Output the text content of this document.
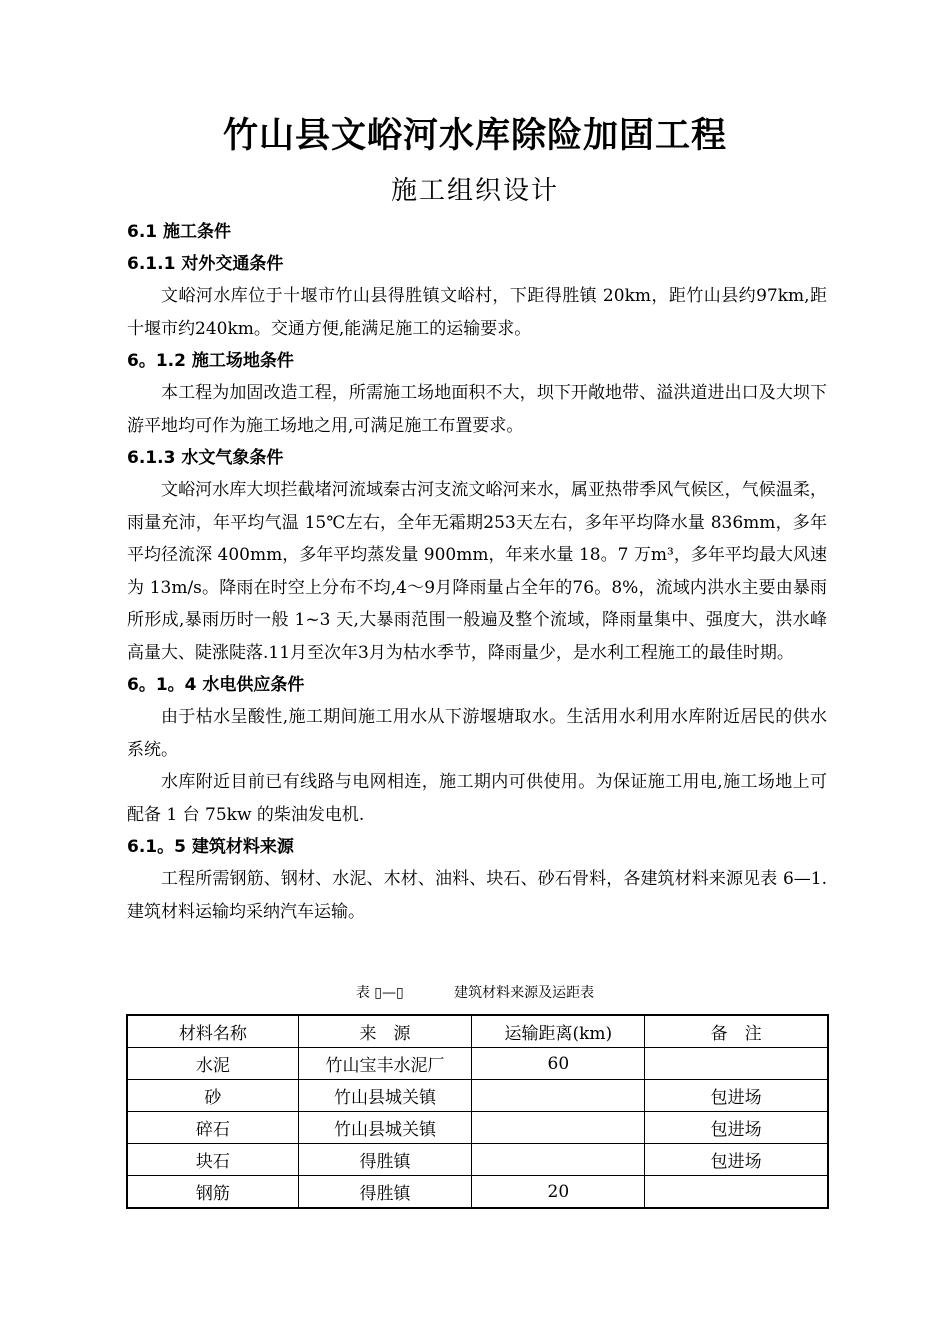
竹山县文峪河水库除险加固工程
施工组织设计
6.1 施工条件
6.1.1 对外交通条件

文峪河水库位于十堰市竹山县得胜镇文峪村，下距得胜镇 20km，距竹山县约97km,距十堰市约240km。交通方便,能满足施工的运输要求。

6。1.2 施工场地条件

本工程为加固改造工程，所需施工场地面积不大，坝下开敞地带、溢洪道进出口及大坝下游平地均可作为施工场地之用,可满足施工布置要求。

6.1.3 水文气象条件

文峪河水库大坝拦截堵河流域秦古河支流文峪河来水，属亚热带季风气候区，气候温柔，雨量充沛，年平均气温 15℃左右，全年无霜期253天左右，多年平均降水量 836mm，多年平均径流深 400mm，多年平均蒸发量 900mm，年来水量 18。7 万m³，多年平均最大风速为 13m/s。降雨在时空上分布不均,4～9月降雨量占全年的76。8%，流域内洪水主要由暴雨所形成,暴雨历时一般 1~3 天,大暴雨范围一般遍及整个流域，降雨量集中、强度大，洪水峰高量大、陡涨陡落.11月至次年3月为枯水季节，降雨量少，是水利工程施工的最佳时期。

6。1。4 水电供应条件

由于枯水呈酸性,施工期间施工用水从下游堰塘取水。生活用水利用水库附近居民的供水系统。

水库附近目前已有线路与电网相连，施工期内可供使用。为保证施工用电,施工场地上可配备 1 台 75kw 的柴油发电机.

6.1。5 建筑材料来源

工程所需钢筋、钢材、水泥、木材、油料、块石、砂石骨料，各建筑材料来源见表 6—1.建筑材料运输均采纳汽车运输。

表 ▯—▯	建筑材料来源及运距表
材料名称	来　源	运输距离(km)	备　注
水泥	竹山宝丰水泥厂	60	
砂	竹山县城关镇		包进场
碎石	竹山县城关镇		包进场
块石	得胜镇		包进场
钢筋	得胜镇	20	
